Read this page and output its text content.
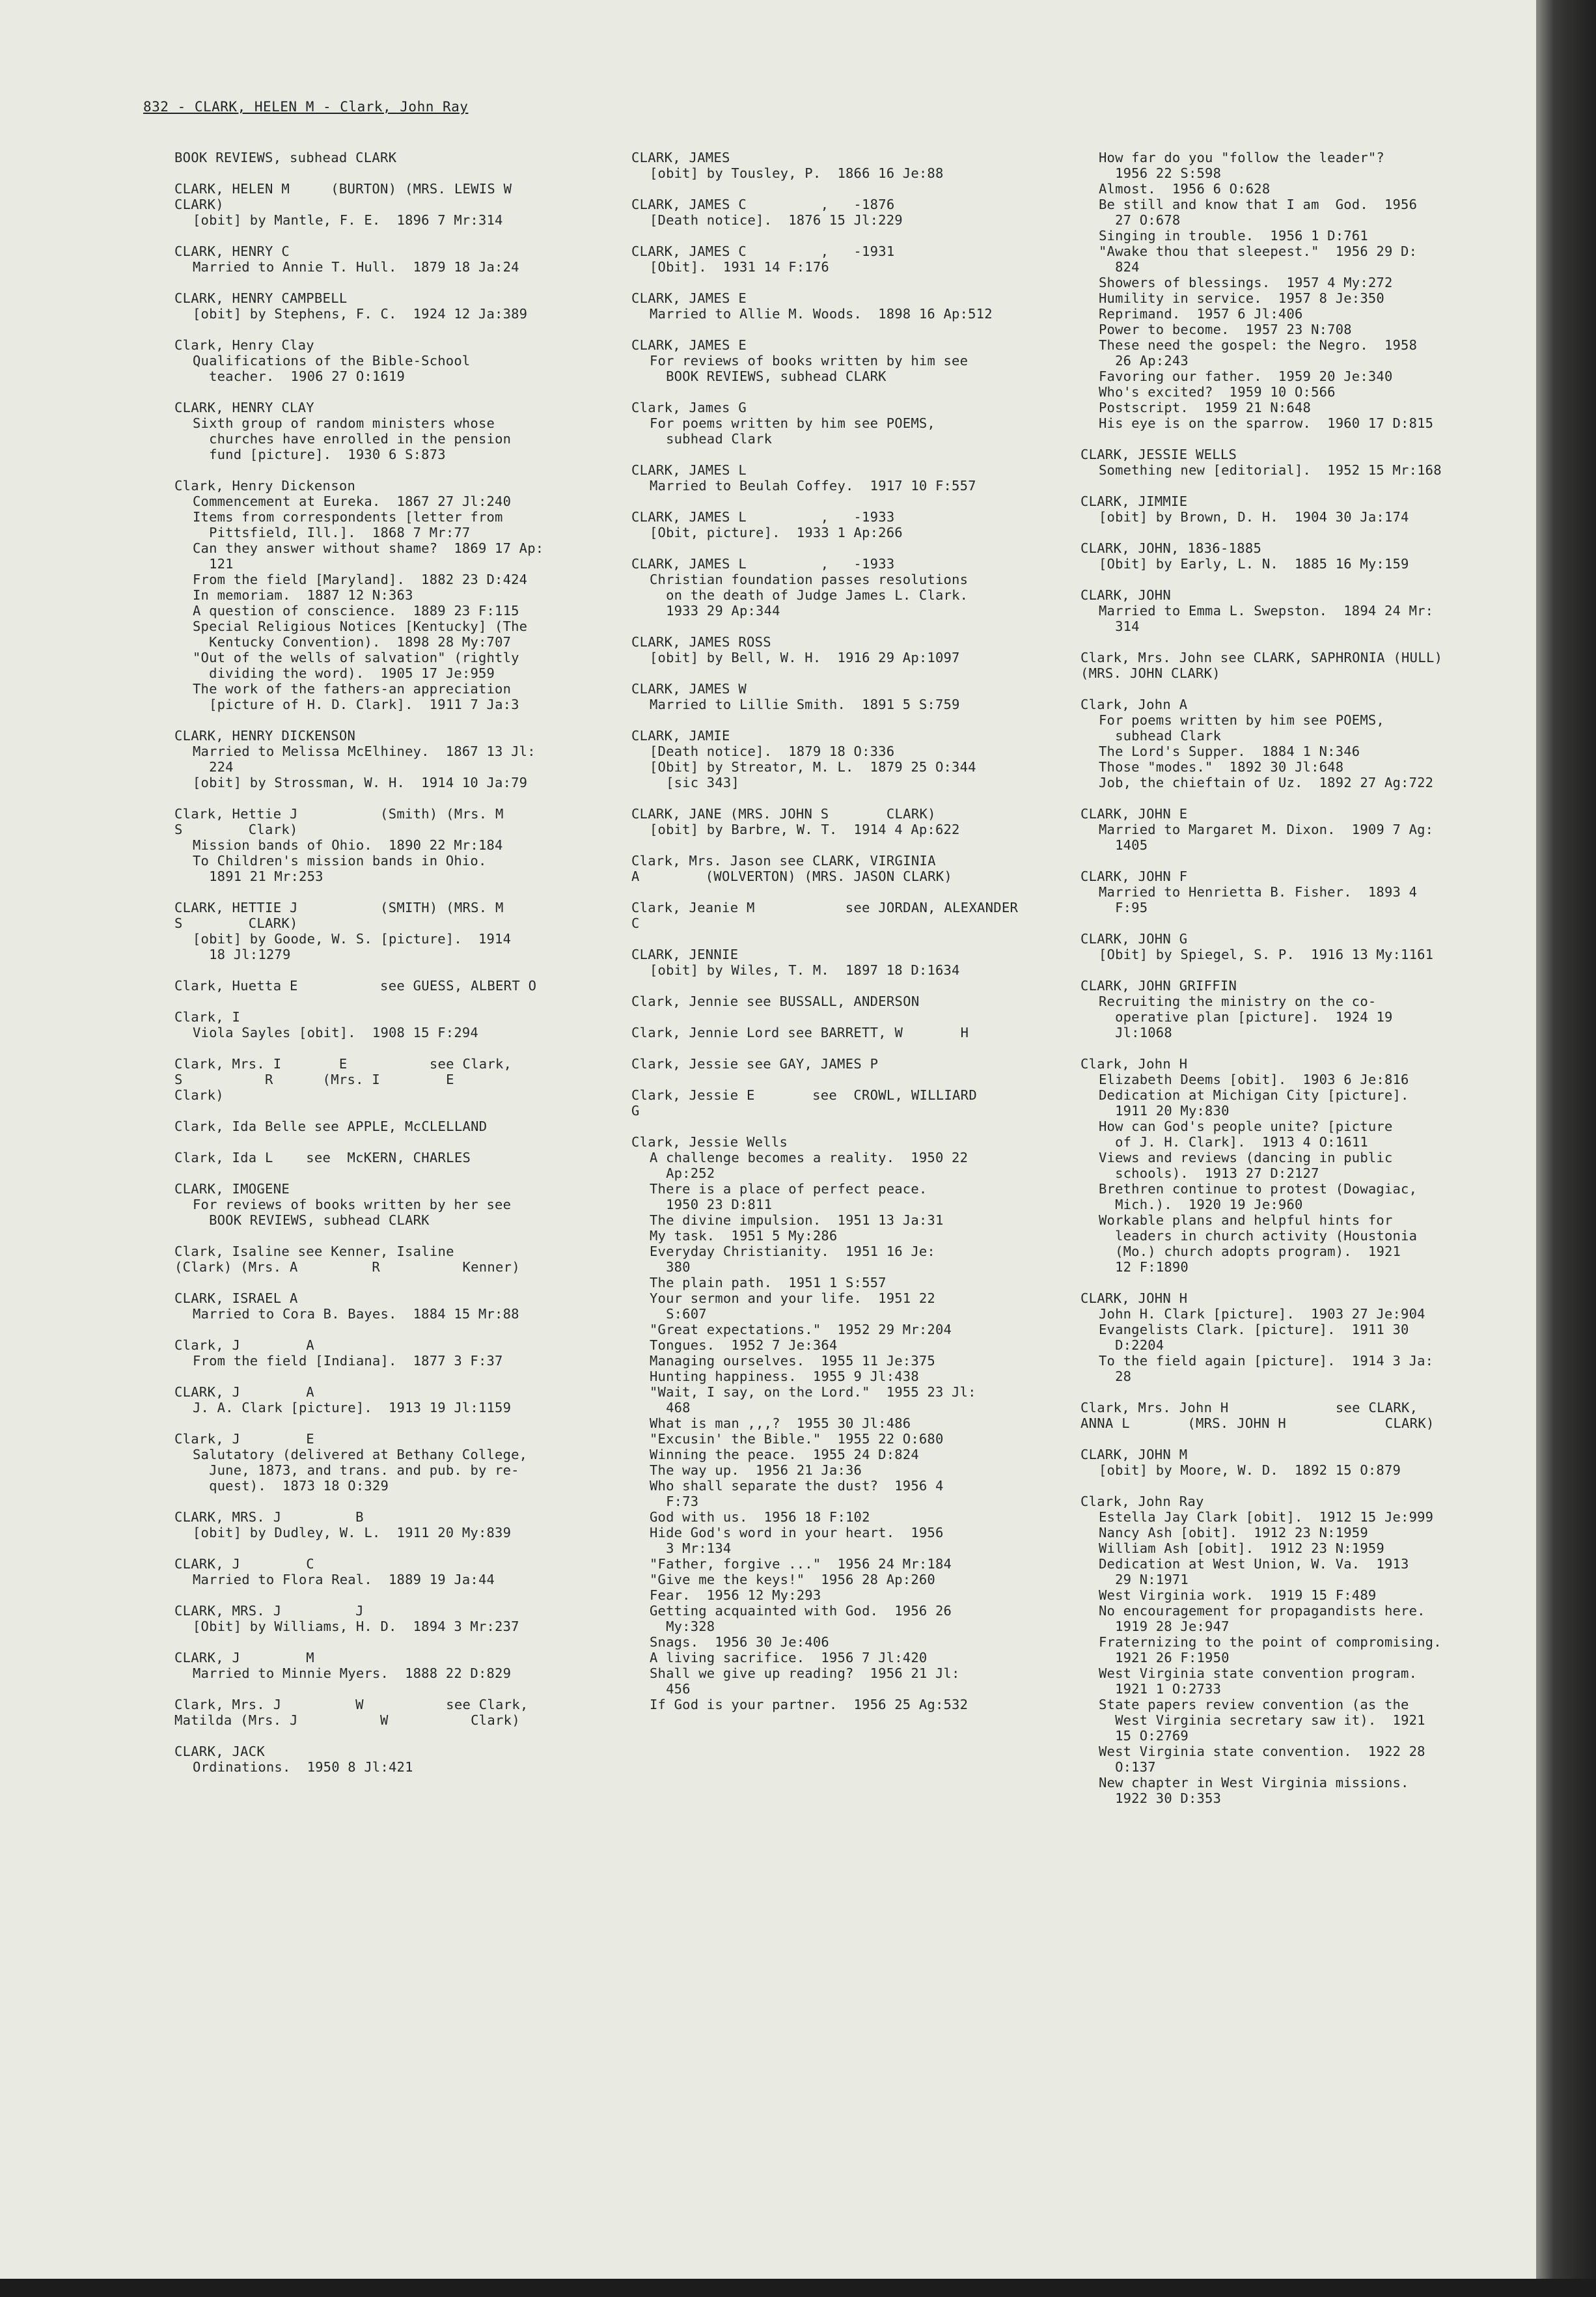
832 - CLARK, HELEN M - Clark, John Ray
BOOK REVIEWS, subhead CLARK
CLARK, HELEN M     (BURTON) (MRS. LEWIS W
CLARK)
[obit] by Mantle, F. E.  1896 7 Mr:314
CLARK, HENRY C
Married to Annie T. Hull.  1879 18 Ja:24
CLARK, HENRY CAMPBELL
[obit] by Stephens, F. C.  1924 12 Ja:389
Clark, Henry Clay
Qualifications of the Bible-School
teacher.  1906 27 O:1619
CLARK, HENRY CLAY
Sixth group of random ministers whose
churches have enrolled in the pension
fund [picture].  1930 6 S:873
Clark, Henry Dickenson
Commencement at Eureka.  1867 27 Jl:240
Items from correspondents [letter from
Pittsfield, Ill.].  1868 7 Mr:77
Can they answer without shame?  1869 17 Ap:
121
From the field [Maryland].  1882 23 D:424
In memoriam.  1887 12 N:363
A question of conscience.  1889 23 F:115
Special Religious Notices [Kentucky] (The
Kentucky Convention).  1898 28 My:707
"Out of the wells of salvation" (rightly
dividing the word).  1905 17 Je:959
The work of the fathers-an appreciation
[picture of H. D. Clark].  1911 7 Ja:3
CLARK, HENRY DICKENSON
Married to Melissa McElhiney.  1867 13 Jl:
224
[obit] by Strossman, W. H.  1914 10 Ja:79
Clark, Hettie J          (Smith) (Mrs. M
S        Clark)
Mission bands of Ohio.  1890 22 Mr:184
To Children's mission bands in Ohio.
1891 21 Mr:253
CLARK, HETTIE J          (SMITH) (MRS. M
S        CLARK)
[obit] by Goode, W. S. [picture].  1914
18 Jl:1279
Clark, Huetta E          see GUESS, ALBERT O
Clark, I
Viola Sayles [obit].  1908 15 F:294
Clark, Mrs. I       E          see Clark,
S          R      (Mrs. I        E
Clark)
Clark, Ida Belle see APPLE, McCLELLAND
Clark, Ida L    see  McKERN, CHARLES
CLARK, IMOGENE
For reviews of books written by her see
BOOK REVIEWS, subhead CLARK
Clark, Isaline see Kenner, Isaline
(Clark) (Mrs. A         R          Kenner)
CLARK, ISRAEL A
Married to Cora B. Bayes.  1884 15 Mr:88
Clark, J        A
From the field [Indiana].  1877 3 F:37
CLARK, J        A
J. A. Clark [picture].  1913 19 Jl:1159
Clark, J        E
Salutatory (delivered at Bethany College,
June, 1873, and trans. and pub. by re-
quest).  1873 18 O:329
CLARK, MRS. J         B
[obit] by Dudley, W. L.  1911 20 My:839
CLARK, J        C
Married to Flora Real.  1889 19 Ja:44
CLARK, MRS. J         J
[Obit] by Williams, H. D.  1894 3 Mr:237
CLARK, J        M
Married to Minnie Myers.  1888 22 D:829
Clark, Mrs. J         W          see Clark,
Matilda (Mrs. J          W          Clark)
CLARK, JACK
Ordinations.  1950 8 Jl:421
CLARK, JAMES
[obit] by Tousley, P.  1866 16 Je:88
CLARK, JAMES C         ,   -1876
[Death notice].  1876 15 Jl:229
CLARK, JAMES C         ,   -1931
[Obit].  1931 14 F:176
CLARK, JAMES E
Married to Allie M. Woods.  1898 16 Ap:512
CLARK, JAMES E
For reviews of books written by him see
BOOK REVIEWS, subhead CLARK
Clark, James G
For poems written by him see POEMS,
subhead Clark
CLARK, JAMES L
Married to Beulah Coffey.  1917 10 F:557
CLARK, JAMES L         ,   -1933
[Obit, picture].  1933 1 Ap:266
CLARK, JAMES L         ,   -1933
Christian foundation passes resolutions
on the death of Judge James L. Clark.
1933 29 Ap:344
CLARK, JAMES ROSS
[obit] by Bell, W. H.  1916 29 Ap:1097
CLARK, JAMES W
Married to Lillie Smith.  1891 5 S:759
CLARK, JAMIE
[Death notice].  1879 18 O:336
[Obit] by Streator, M. L.  1879 25 O:344
[sic 343]
CLARK, JANE (MRS. JOHN S       CLARK)
[obit] by Barbre, W. T.  1914 4 Ap:622
Clark, Mrs. Jason see CLARK, VIRGINIA
A        (WOLVERTON) (MRS. JASON CLARK)
Clark, Jeanie M           see JORDAN, ALEXANDER
C
CLARK, JENNIE
[obit] by Wiles, T. M.  1897 18 D:1634
Clark, Jennie see BUSSALL, ANDERSON
Clark, Jennie Lord see BARRETT, W       H
Clark, Jessie see GAY, JAMES P
Clark, Jessie E       see  CROWL, WILLIARD
G
Clark, Jessie Wells
A challenge becomes a reality.  1950 22
Ap:252
There is a place of perfect peace.
1950 23 D:811
The divine impulsion.  1951 13 Ja:31
My task.  1951 5 My:286
Everyday Christianity.  1951 16 Je:
380
The plain path.  1951 1 S:557
Your sermon and your life.  1951 22
S:607
"Great expectations."  1952 29 Mr:204
Tongues.  1952 7 Je:364
Managing ourselves.  1955 11 Je:375
Hunting happiness.  1955 9 Jl:438
"Wait, I say, on the Lord."  1955 23 Jl:
468
What is man ,,,?  1955 30 Jl:486
"Excusin' the Bible."  1955 22 O:680
Winning the peace.  1955 24 D:824
The way up.  1956 21 Ja:36
Who shall separate the dust?  1956 4
F:73
God with us.  1956 18 F:102
Hide God's word in your heart.  1956
3 Mr:134
"Father, forgive ..."  1956 24 Mr:184
"Give me the keys!"  1956 28 Ap:260
Fear.  1956 12 My:293
Getting acquainted with God.  1956 26
My:328
Snags.  1956 30 Je:406
A living sacrifice.  1956 7 Jl:420
Shall we give up reading?  1956 21 Jl:
456
If God is your partner.  1956 25 Ag:532
How far do you "follow the leader"?
1956 22 S:598
Almost.  1956 6 O:628
Be still and know that I am  God.  1956
27 O:678
Singing in trouble.  1956 1 D:761
"Awake thou that sleepest."  1956 29 D:
824
Showers of blessings.  1957 4 My:272
Humility in service.  1957 8 Je:350
Reprimand.  1957 6 Jl:406
Power to become.  1957 23 N:708
These need the gospel: the Negro.  1958
26 Ap:243
Favoring our father.  1959 20 Je:340
Who's excited?  1959 10 O:566
Postscript.  1959 21 N:648
His eye is on the sparrow.  1960 17 D:815
CLARK, JESSIE WELLS
Something new [editorial].  1952 15 Mr:168
CLARK, JIMMIE
[obit] by Brown, D. H.  1904 30 Ja:174
CLARK, JOHN, 1836-1885
[Obit] by Early, L. N.  1885 16 My:159
CLARK, JOHN
Married to Emma L. Swepston.  1894 24 Mr:
314
Clark, Mrs. John see CLARK, SAPHRONIA (HULL)
(MRS. JOHN CLARK)
Clark, John A
For poems written by him see POEMS,
subhead Clark
The Lord's Supper.  1884 1 N:346
Those "modes."  1892 30 Jl:648
Job, the chieftain of Uz.  1892 27 Ag:722
CLARK, JOHN E
Married to Margaret M. Dixon.  1909 7 Ag:
1405
CLARK, JOHN F
Married to Henrietta B. Fisher.  1893 4
F:95
CLARK, JOHN G
[Obit] by Spiegel, S. P.  1916 13 My:1161
CLARK, JOHN GRIFFIN
Recruiting the ministry on the co-
operative plan [picture].  1924 19
Jl:1068
Clark, John H
Elizabeth Deems [obit].  1903 6 Je:816
Dedication at Michigan City [picture].
1911 20 My:830
How can God's people unite? [picture
of J. H. Clark].  1913 4 O:1611
Views and reviews (dancing in public
schools).  1913 27 D:2127
Brethren continue to protest (Dowagiac,
Mich.).  1920 19 Je:960
Workable plans and helpful hints for
leaders in church activity (Houstonia
(Mo.) church adopts program).  1921
12 F:1890
CLARK, JOHN H
John H. Clark [picture].  1903 27 Je:904
Evangelists Clark. [picture].  1911 30
D:2204
To the field again [picture].  1914 3 Ja:
28
Clark, Mrs. John H             see CLARK,
ANNA L       (MRS. JOHN H            CLARK)
CLARK, JOHN M
[obit] by Moore, W. D.  1892 15 O:879
Clark, John Ray
Estella Jay Clark [obit].  1912 15 Je:999
Nancy Ash [obit].  1912 23 N:1959
William Ash [obit].  1912 23 N:1959
Dedication at West Union, W. Va.  1913
29 N:1971
West Virginia work.  1919 15 F:489
No encouragement for propagandists here.
1919 28 Je:947
Fraternizing to the point of compromising.
1921 26 F:1950
West Virginia state convention program.
1921 1 O:2733
State papers review convention (as the
West Virginia secretary saw it).  1921
15 O:2769
West Virginia state convention.  1922 28
O:137
New chapter in West Virginia missions.
1922 30 D:353
